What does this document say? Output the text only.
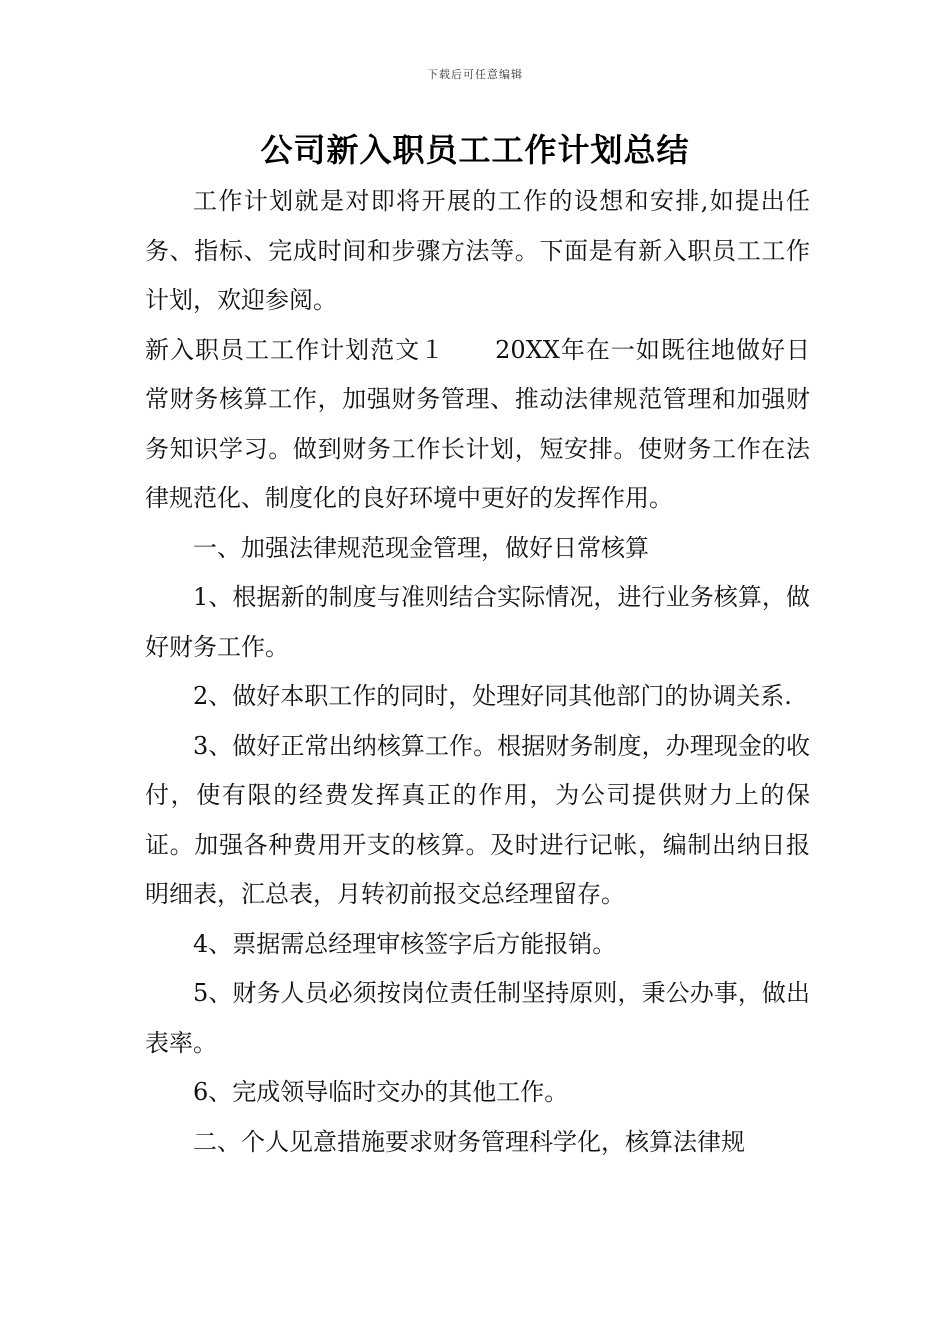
下载后可任意编辑
公司新入职员工工作计划总结

工作计划就是对即将开展的工作的设想和安排,如提出任务、指标、完成时间和步骤方法等。下面是有新入职员工工作计划，欢迎参阅。

新入职员工工作计划范文１ 20XX年在一如既往地做好日常财务核算工作，加强财务管理、推动法律规范管理和加强财务知识学习。做到财务工作长计划，短安排。使财务工作在法律规范化、制度化的良好环境中更好的发挥作用。

一、加强法律规范现金管理，做好日常核算

1、根据新的制度与准则结合实际情况，进行业务核算，做好财务工作。

2、做好本职工作的同时，处理好同其他部门的协调关系.

3、做好正常出纳核算工作。根据财务制度，办理现金的收付，使有限的经费发挥真正的作用，为公司提供财力上的保证。加强各种费用开支的核算。及时进行记帐，编制出纳日报明细表，汇总表，月转初前报交总经理留存。

4、票据需总经理审核签字后方能报销。

5、财务人员必须按岗位责任制坚持原则，秉公办事，做出表率。

6、完成领导临时交办的其他工作。

二、个人见意措施要求财务管理科学化，核算法律规
